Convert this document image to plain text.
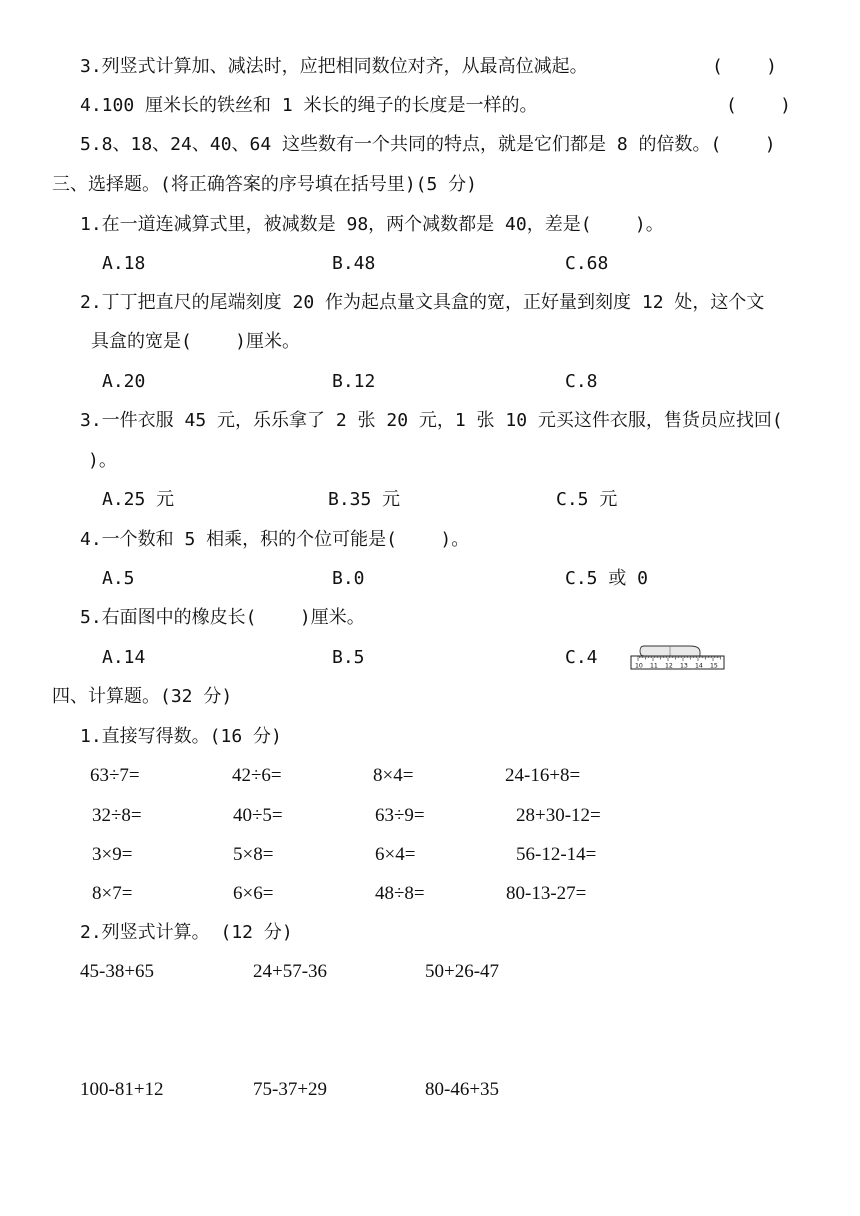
3.列竖式计算加、减法时，应把相同数位对齐，从最高位减起。	(    )
4.100 厘米长的铁丝和 1 米长的绳子的长度是一样的。	(    )
5.8、18、24、40、64 这些数有一个共同的特点，就是它们都是 8 的倍数。(    )
三、选择题。(将正确答案的序号填在括号里)(5 分)
1.在一道连减算式里，被减数是 98，两个减数都是 40，差是(    )。
A.18	B.48	C.68
2.丁丁把直尺的尾端刻度 20 作为起点量文具盒的宽，正好量到刻度 12 处，这个文
具盒的宽是(    )厘米。
A.20	B.12	C.8
3.一件衣服 45 元，乐乐拿了 2 张 20 元，1 张 10 元买这件衣服，售货员应找回(
)。
A.25 元	B.35 元	C.5 元
4.一个数和 5 相乘，积的个位可能是(    )。
A.5	B.0	C.5 或 0
5.右面图中的橡皮长(    )厘米。
A.14	B.5	C.4	10 11 12 13 14 15
四、计算题。(32 分)
1.直接写得数。(16 分)
63÷7=	42÷6=	8×4=	24-16+8=
32÷8=	40÷5=	63÷9=	28+30-12=
3×9=	5×8=	6×4=	56-12-14=
8×7=	6×6=	48÷8=	80-13-27=
2.列竖式计算。 (12 分)
45-38+65	24+57-36	50+26-47
100-81+12	75-37+29	80-46+35
